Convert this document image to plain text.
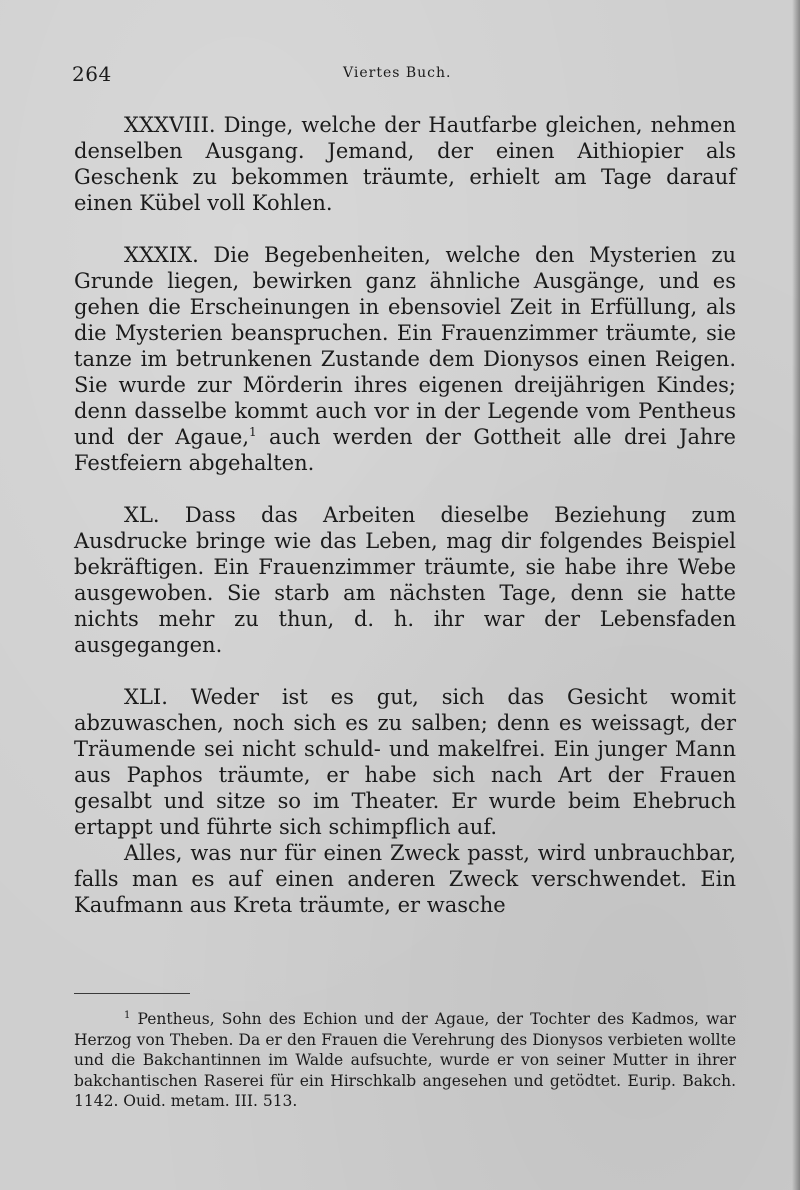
264	Viertes Buch.

XXXVIII. Dinge, welche der Hautfarbe gleichen, nehmen denselben Ausgang. Jemand, der einen Aithiopier als Geschenk zu bekommen träumte, erhielt am Tage darauf einen Kübel voll Kohlen.

XXXIX. Die Begebenheiten, welche den Mysterien zu Grunde liegen, bewirken ganz ähnliche Ausgänge, und es gehen die Erscheinungen in ebensoviel Zeit in Erfüllung, als die Mysterien beanspruchen. Ein Frauenzimmer träumte, sie tanze im betrunkenen Zustande dem Dionysos einen Reigen. Sie wurde zur Mörderin ihres eigenen dreijährigen Kindes; denn dasselbe kommt auch vor in der Legende vom Pentheus und der Agaue,$^1$ auch werden der Gottheit alle drei Jahre Festfeiern abgehalten.

XL. Dass das Arbeiten dieselbe Beziehung zum Ausdrucke bringe wie das Leben, mag dir folgendes Beispiel bekräftigen. Ein Frauenzimmer träumte, sie habe ihre Webe ausgewoben. Sie starb am nächsten Tage, denn sie hatte nichts mehr zu thun, d. h. ihr war der Lebensfaden ausgegangen.

XLI. Weder ist es gut, sich das Gesicht womit abzuwaschen, noch sich es zu salben; denn es weissagt, der Träumende sei nicht schuld- und makelfrei. Ein junger Mann aus Paphos träumte, er habe sich nach Art der Frauen gesalbt und sitze so im Theater. Er wurde beim Ehebruch ertappt und führte sich schimpflich auf.

Alles, was nur für einen Zweck passt, wird unbrauchbar, falls man es auf einen anderen Zweck verschwendet. Ein Kaufmann aus Kreta träumte, er wasche

$^1$ Pentheus, Sohn des Echion und der Agaue, der Tochter des Kadmos, war Herzog von Theben. Da er den Frauen die Verehrung des Dionysos verbieten wollte und die Bakchantinnen im Walde aufsuchte, wurde er von seiner Mutter in ihrer bakchantischen Raserei für ein Hirschkalb angesehen und getödtet. Eurip. Bakch. 1142. Ouid. metam. III. 513.
